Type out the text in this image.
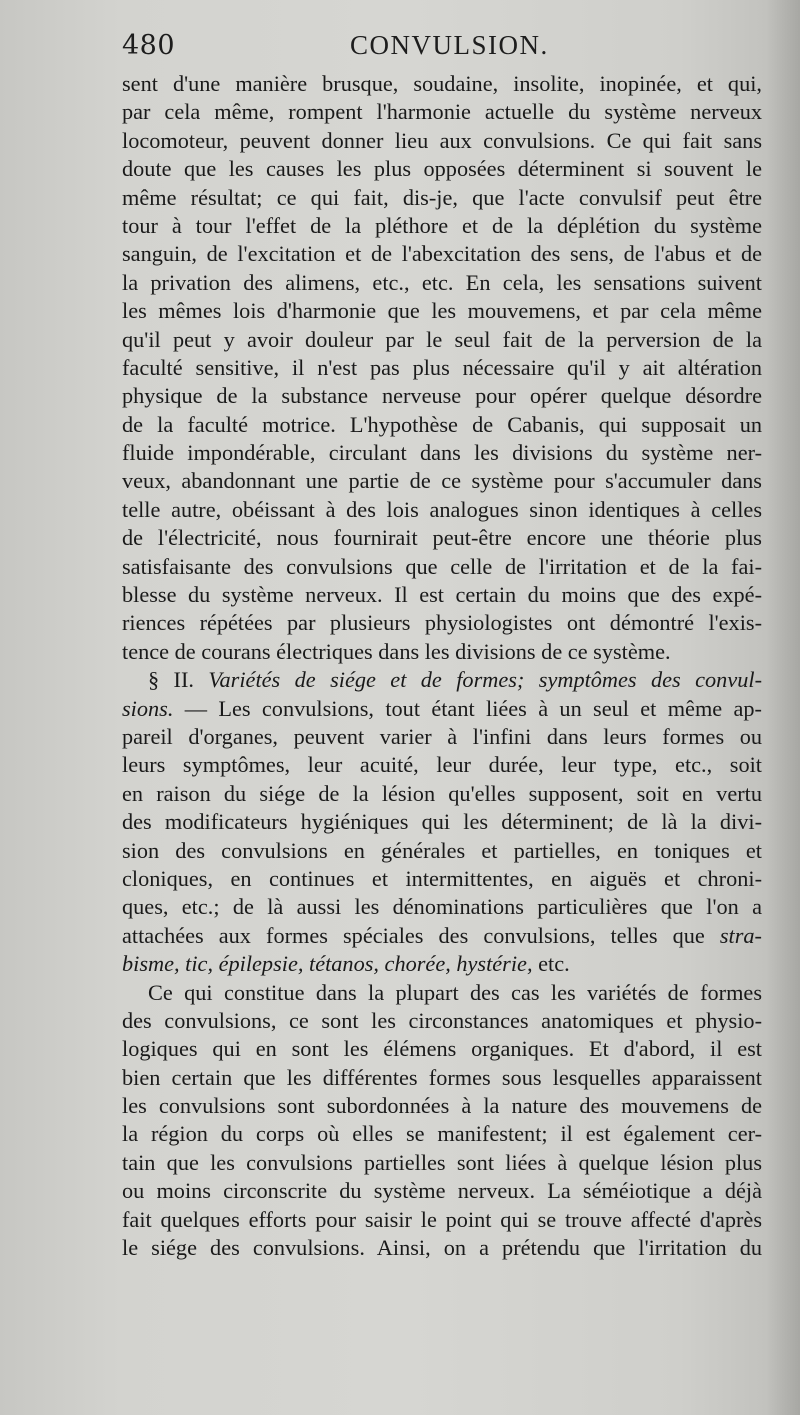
480	CONVULSION.
sent d'une manière brusque, soudaine, insolite, inopinée, et qui,
par cela même, rompent l'harmonie actuelle du système nerveux
locomoteur, peuvent donner lieu aux convulsions. Ce qui fait sans
doute que les causes les plus opposées déterminent si souvent le
même résultat; ce qui fait, dis-je, que l'acte convulsif peut être
tour à tour l'effet de la pléthore et de la déplétion du système
sanguin, de l'excitation et de l'abexcitation des sens, de l'abus et de
la privation des alimens, etc., etc. En cela, les sensations suivent
les mêmes lois d'harmonie que les mouvemens, et par cela même
qu'il peut y avoir douleur par le seul fait de la perversion de la
faculté sensitive, il n'est pas plus nécessaire qu'il y ait altération
physique de la substance nerveuse pour opérer quelque désordre
de la faculté motrice. L'hypothèse de Cabanis, qui supposait un
fluide impondérable, circulant dans les divisions du système ner-
veux, abandonnant une partie de ce système pour s'accumuler dans
telle autre, obéissant à des lois analogues sinon identiques à celles
de l'électricité, nous fournirait peut-être encore une théorie plus
satisfaisante des convulsions que celle de l'irritation et de la fai-
blesse du système nerveux. Il est certain du moins que des expé-
riences répétées par plusieurs physiologistes ont démontré l'exis-
tence de courans électriques dans les divisions de ce système.
§ II. Variétés de siége et de formes; symptômes des convul-
sions. — Les convulsions, tout étant liées à un seul et même ap-
pareil d'organes, peuvent varier à l'infini dans leurs formes ou
leurs symptômes, leur acuité, leur durée, leur type, etc., soit
en raison du siége de la lésion qu'elles supposent, soit en vertu
des modificateurs hygiéniques qui les déterminent; de là la divi-
sion des convulsions en générales et partielles, en toniques et
cloniques, en continues et intermittentes, en aiguës et chroni-
ques, etc.; de là aussi les dénominations particulières que l'on a
attachées aux formes spéciales des convulsions, telles que stra-
bisme, tic, épilepsie, tétanos, chorée, hystérie, etc.
Ce qui constitue dans la plupart des cas les variétés de formes
des convulsions, ce sont les circonstances anatomiques et physio-
logiques qui en sont les élémens organiques. Et d'abord, il est
bien certain que les différentes formes sous lesquelles apparaissent
les convulsions sont subordonnées à la nature des mouvemens de
la région du corps où elles se manifestent; il est également cer-
tain que les convulsions partielles sont liées à quelque lésion plus
ou moins circonscrite du système nerveux. La séméiotique a déjà
fait quelques efforts pour saisir le point qui se trouve affecté d'après
le siége des convulsions. Ainsi, on a prétendu que l'irritation du
